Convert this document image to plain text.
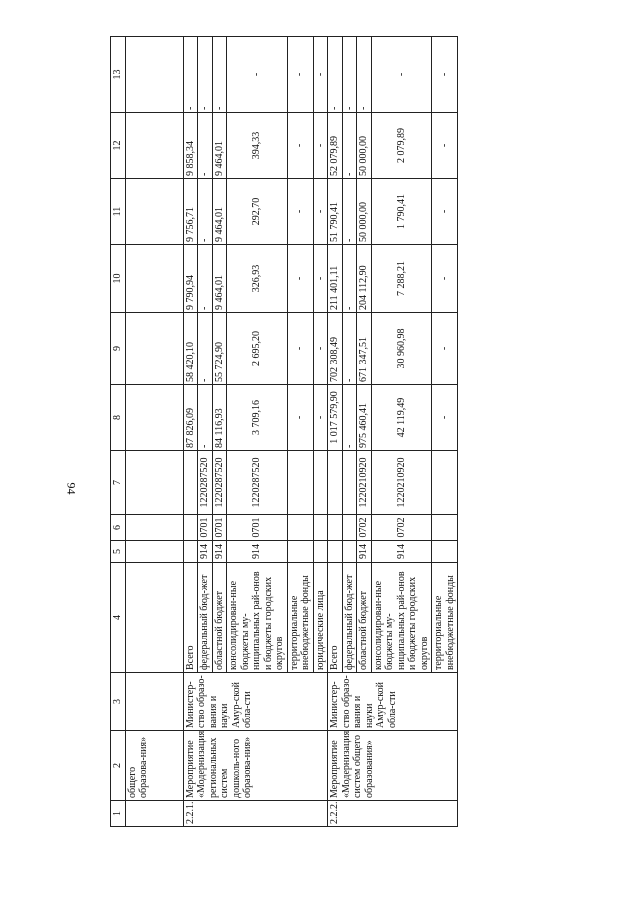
94
1	2	3	4	5	6	7	8	9	10	11	12	13
	общего образова-ния»											
2.2.1.	Мероприятие «Модернизация региональных систем дошколь-ного образова-ния»	Министер-ство образо-вания и науки Амур-ской обла-сти	Всего				87 826,09	58 420,10	9 790,94	9 756,71	9 858,34	-
			федеральный бюд-жет	914	0701	1220287520	-	-	-	-	-	-
			областной бюджет	914	0701	1220287520	84 116,93	55 724,90	9 464,01	9 464,01	9 464,01	-
			консолидирован-ные бюджеты му-ниципальных рай-онов и бюджеты городских округов	914	0701	1220287520	3 709,16	2 695,20	326,93	292,70	394,33	-
			территориальные внебюджетные фонды				-	-	-	-	-	-
			юридические лица				-	-	-	-	-	-
2.2.2.	Мероприятие «Модернизация систем общего образования»	Министер-ство образо-вания и науки Амур-ской обла-сти	Всего				1 017 579,90	702 308,49	211 401,11	51 790,41	52 079,89	-
			федеральный бюд-жет				-	-	-	-	-	-
			областной бюджет	914	0702	1220210920	975 460,41	671 347,51	204 112,90	50 000,00	50 000,00	-
			консолидирован-ные бюджеты му-ниципальных рай-онов и бюджеты городских округов	914	0702	1220210920	42 119,49	30 960,98	7 288,21	1 790,41	2 079,89	-
			территориальные внебюджетные фонды				-	-	-	-	-	-
